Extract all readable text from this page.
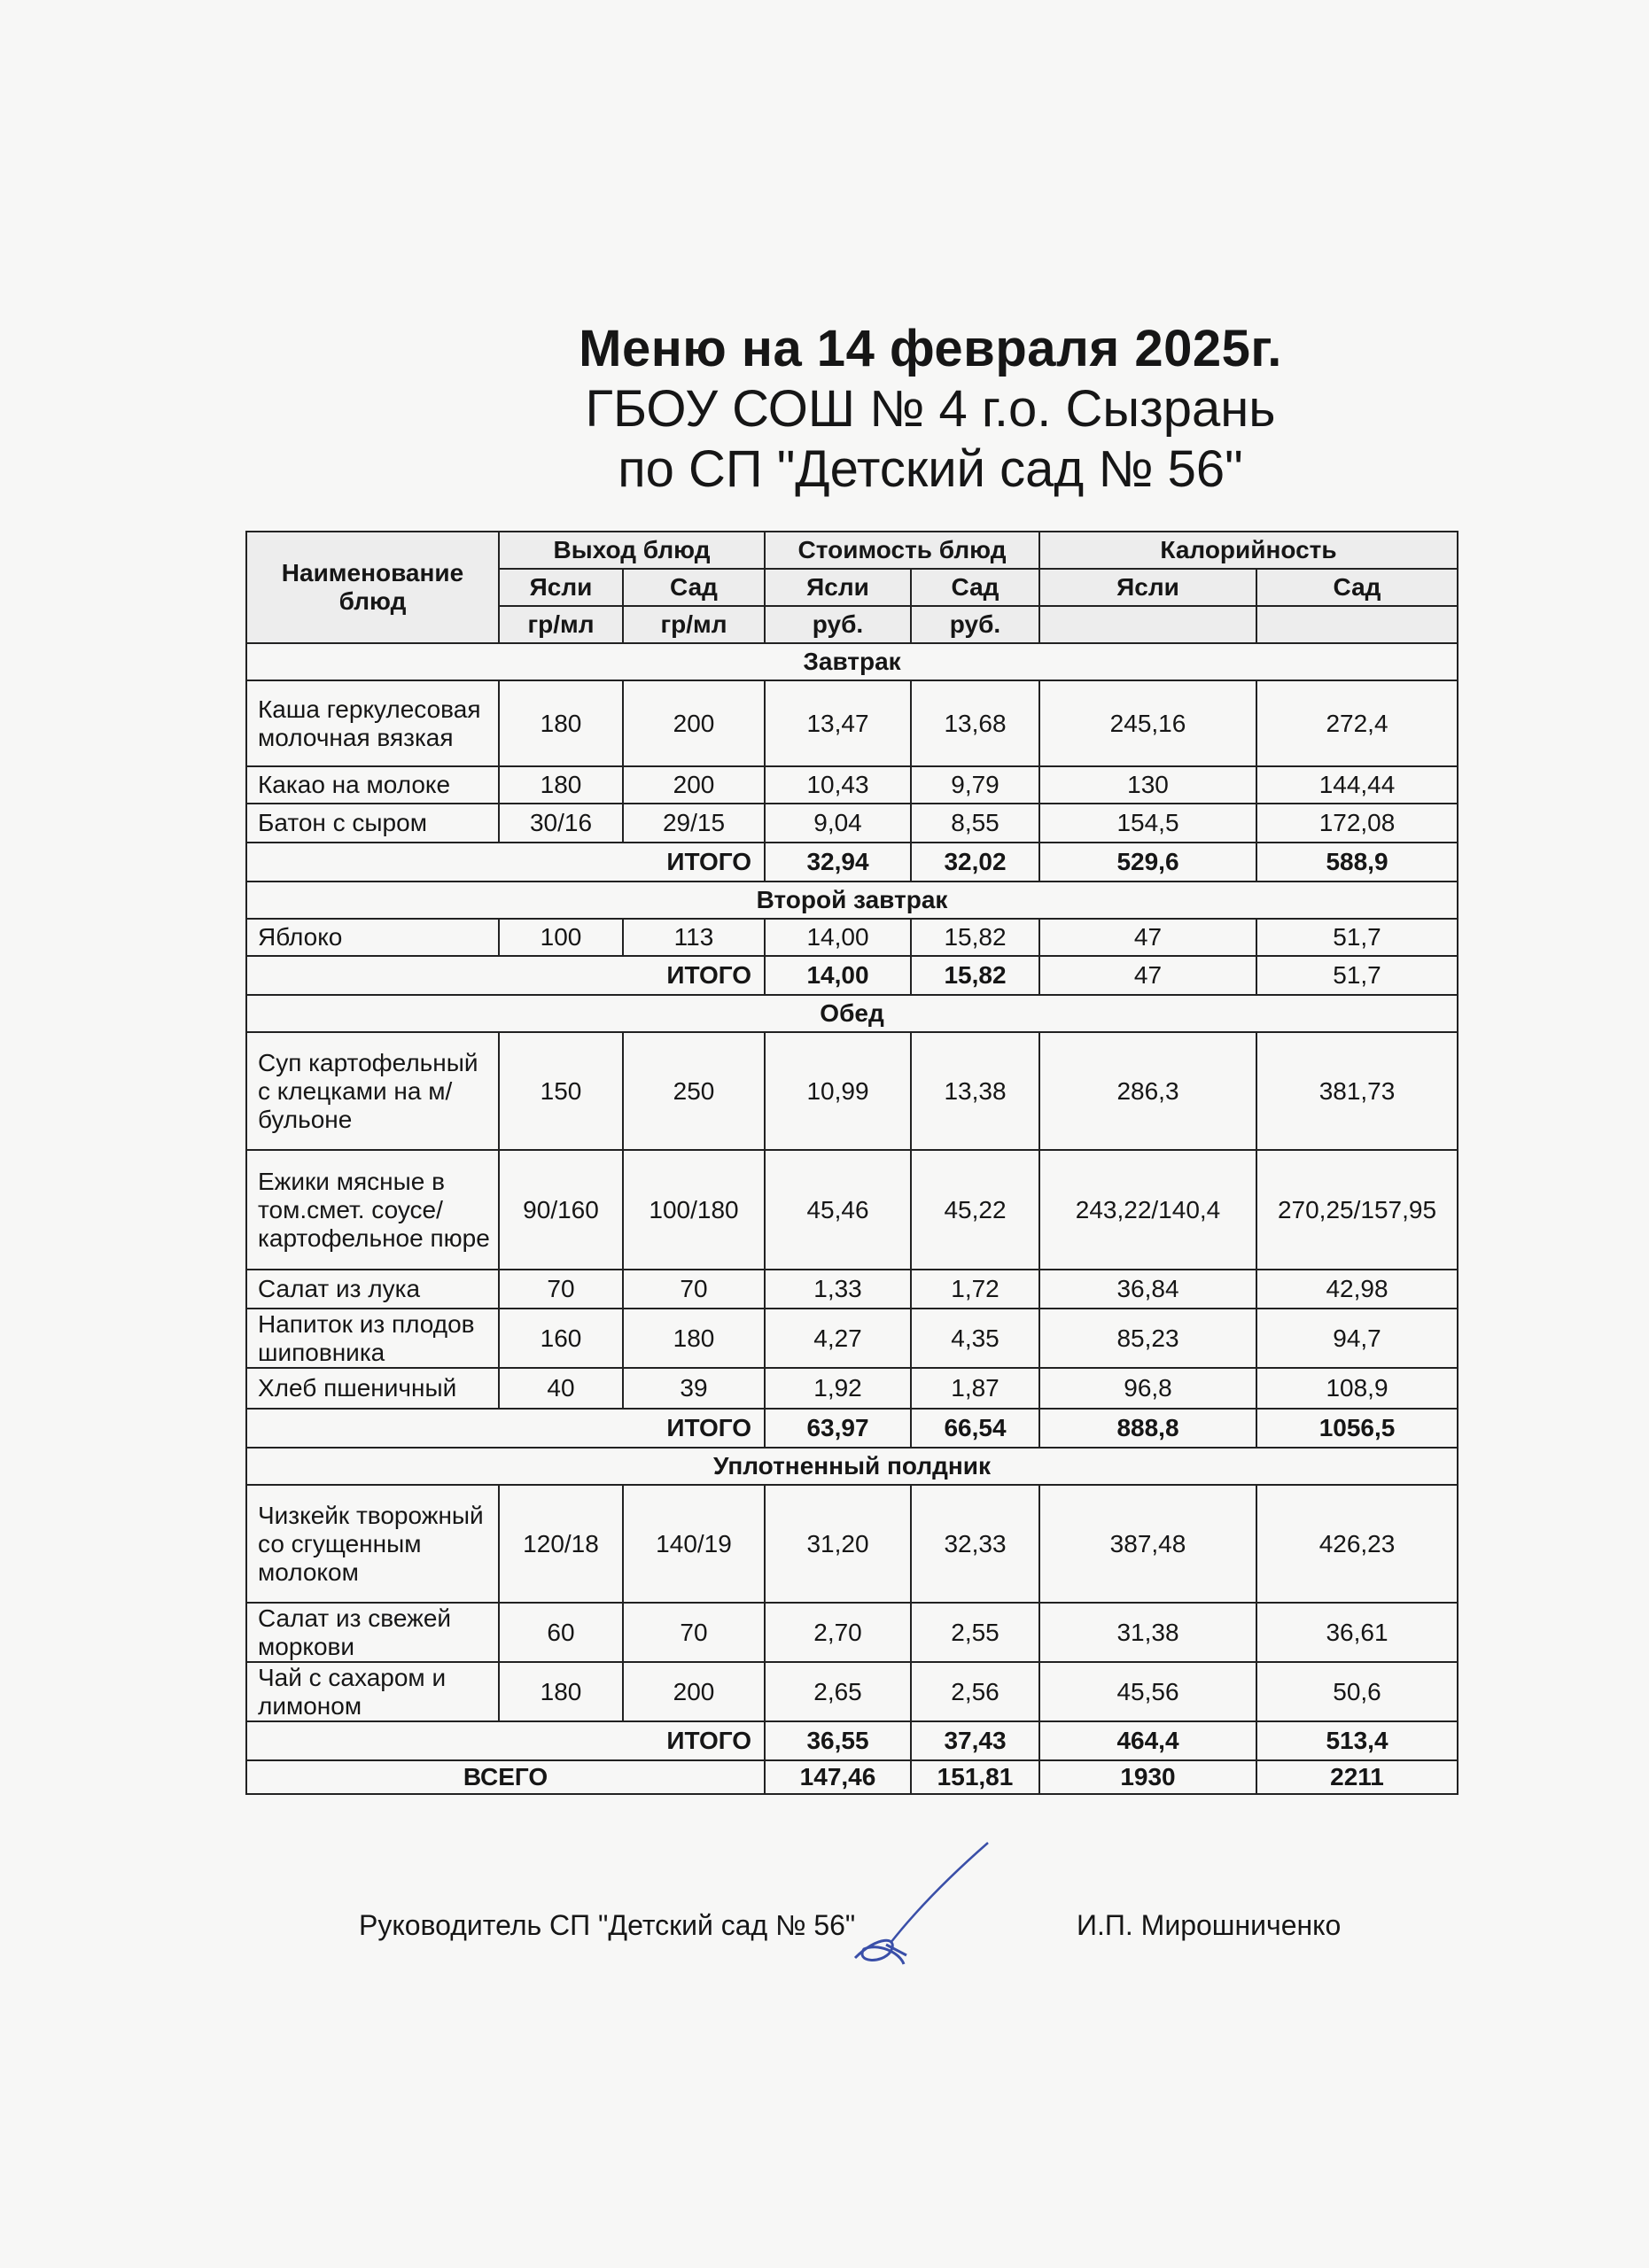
Меню на 14 февраля 2025г.
ГБОУ СОШ № 4 г.о. Сызрань
по СП "Детский сад № 56"
Наименование блюд	Выход блюд		Стоимость блюд		Калорийность	
	Ясли	Сад	Ясли	Сад	Ясли	Сад
	гр/мл	гр/мл	руб.	руб.		
Завтрак						
Каша геркулесовая молочная вязкая	180	200	13,47	13,68	245,16	272,4
Какао на молоке	180	200	10,43	9,79	130	144,44
Батон с сыром	30/16	29/15	9,04	8,55	154,5	172,08
ИТОГО			32,94	32,02	529,6	588,9
Второй завтрак						
Яблоко	100	113	14,00	15,82	47	51,7
ИТОГО			14,00	15,82	47	51,7
Обед						
Суп картофельный с клецками на м/бульоне	150	250	10,99	13,38	286,3	381,73
Ежики мясные в том.смет. соусе/ картофельное пюре	90/160	100/180	45,46	45,22	243,22/140,4	270,25/157,95
Салат из лука	70	70	1,33	1,72	36,84	42,98
Напиток из плодов шиповника	160	180	4,27	4,35	85,23	94,7
Хлеб пшеничный	40	39	1,92	1,87	96,8	108,9
ИТОГО			63,97	66,54	888,8	1056,5
Уплотненный полдник						
Чизкейк творожный со сгущенным молоком	120/18	140/19	31,20	32,33	387,48	426,23
Салат из свежей моркови	60	70	2,70	2,55	31,38	36,61
Чай с сахаром и лимоном	180	200	2,65	2,56	45,56	50,6
ИТОГО			36,55	37,43	464,4	513,4
ВСЕГО			147,46	151,81	1930	2211
Руководитель СП "Детский сад № 56"	И.П. Мирошниченко
